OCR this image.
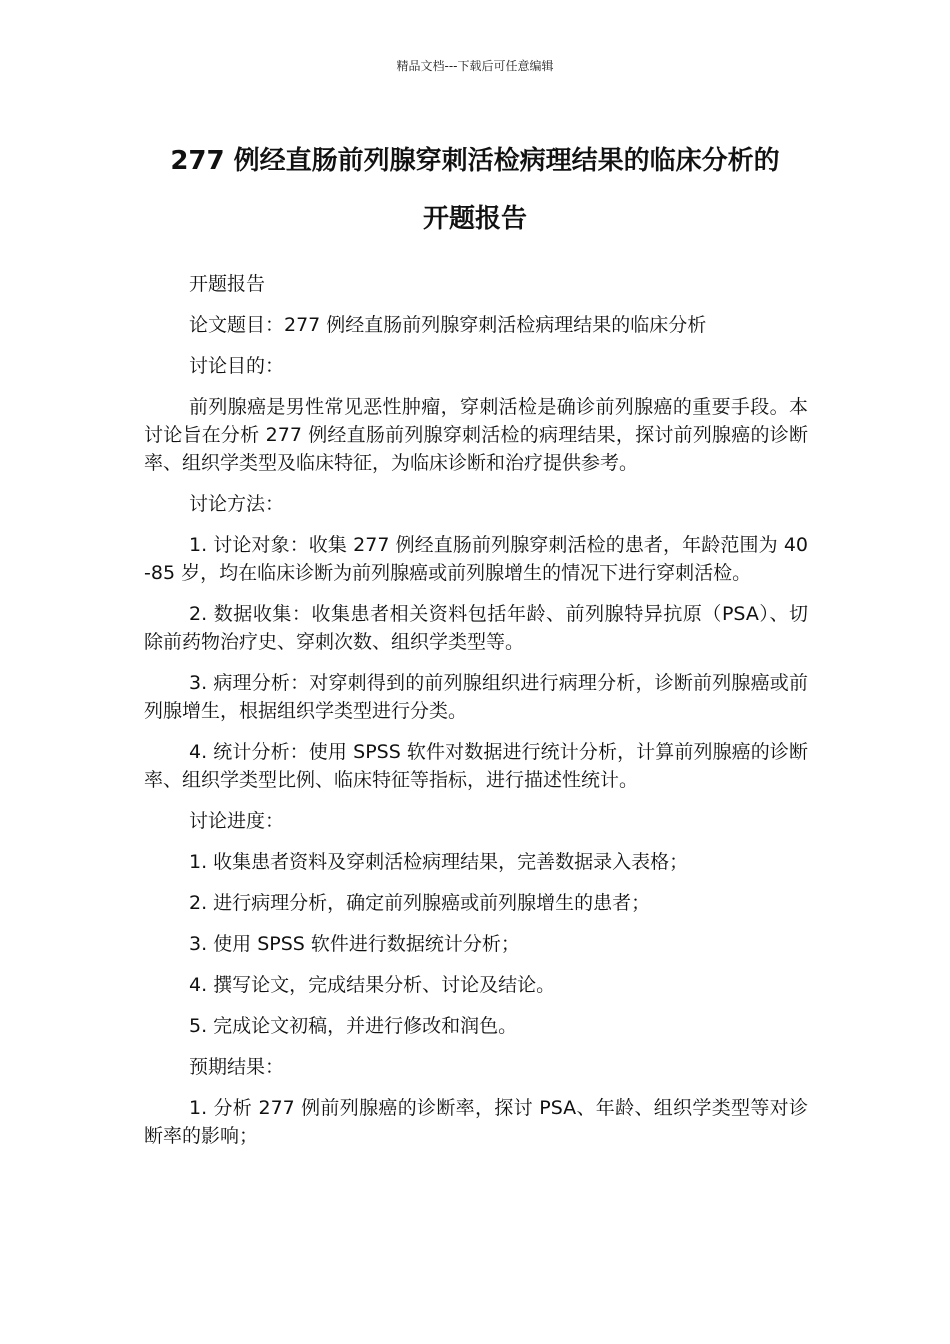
精品文档---下载后可任意编辑
277 例经直肠前列腺穿刺活检病理结果的临床分析的
开题报告

开题报告

论文题目：277 例经直肠前列腺穿刺活检病理结果的临床分析

讨论目的：

前列腺癌是男性常见恶性肿瘤，穿刺活检是确诊前列腺癌的重要手段。本讨论旨在分析 277 例经直肠前列腺穿刺活检的病理结果，探讨前列腺癌的诊断率、组织学类型及临床特征，为临床诊断和治疗提供参考。

讨论方法：

1. 讨论对象：收集 277 例经直肠前列腺穿刺活检的患者，年龄范围为 40-85 岁，均在临床诊断为前列腺癌或前列腺增生的情况下进行穿刺活检。

2. 数据收集：收集患者相关资料包括年龄、前列腺特异抗原（PSA）、切除前药物治疗史、穿刺次数、组织学类型等。

3. 病理分析：对穿刺得到的前列腺组织进行病理分析，诊断前列腺癌或前列腺增生，根据组织学类型进行分类。

4. 统计分析：使用 SPSS 软件对数据进行统计分析，计算前列腺癌的诊断率、组织学类型比例、临床特征等指标，进行描述性统计。

讨论进度：

1. 收集患者资料及穿刺活检病理结果，完善数据录入表格；

2. 进行病理分析，确定前列腺癌或前列腺增生的患者；

3. 使用 SPSS 软件进行数据统计分析；

4. 撰写论文，完成结果分析、讨论及结论。

5. 完成论文初稿，并进行修改和润色。

预期结果：

1. 分析 277 例前列腺癌的诊断率，探讨 PSA、年龄、组织学类型等对诊断率的影响；
